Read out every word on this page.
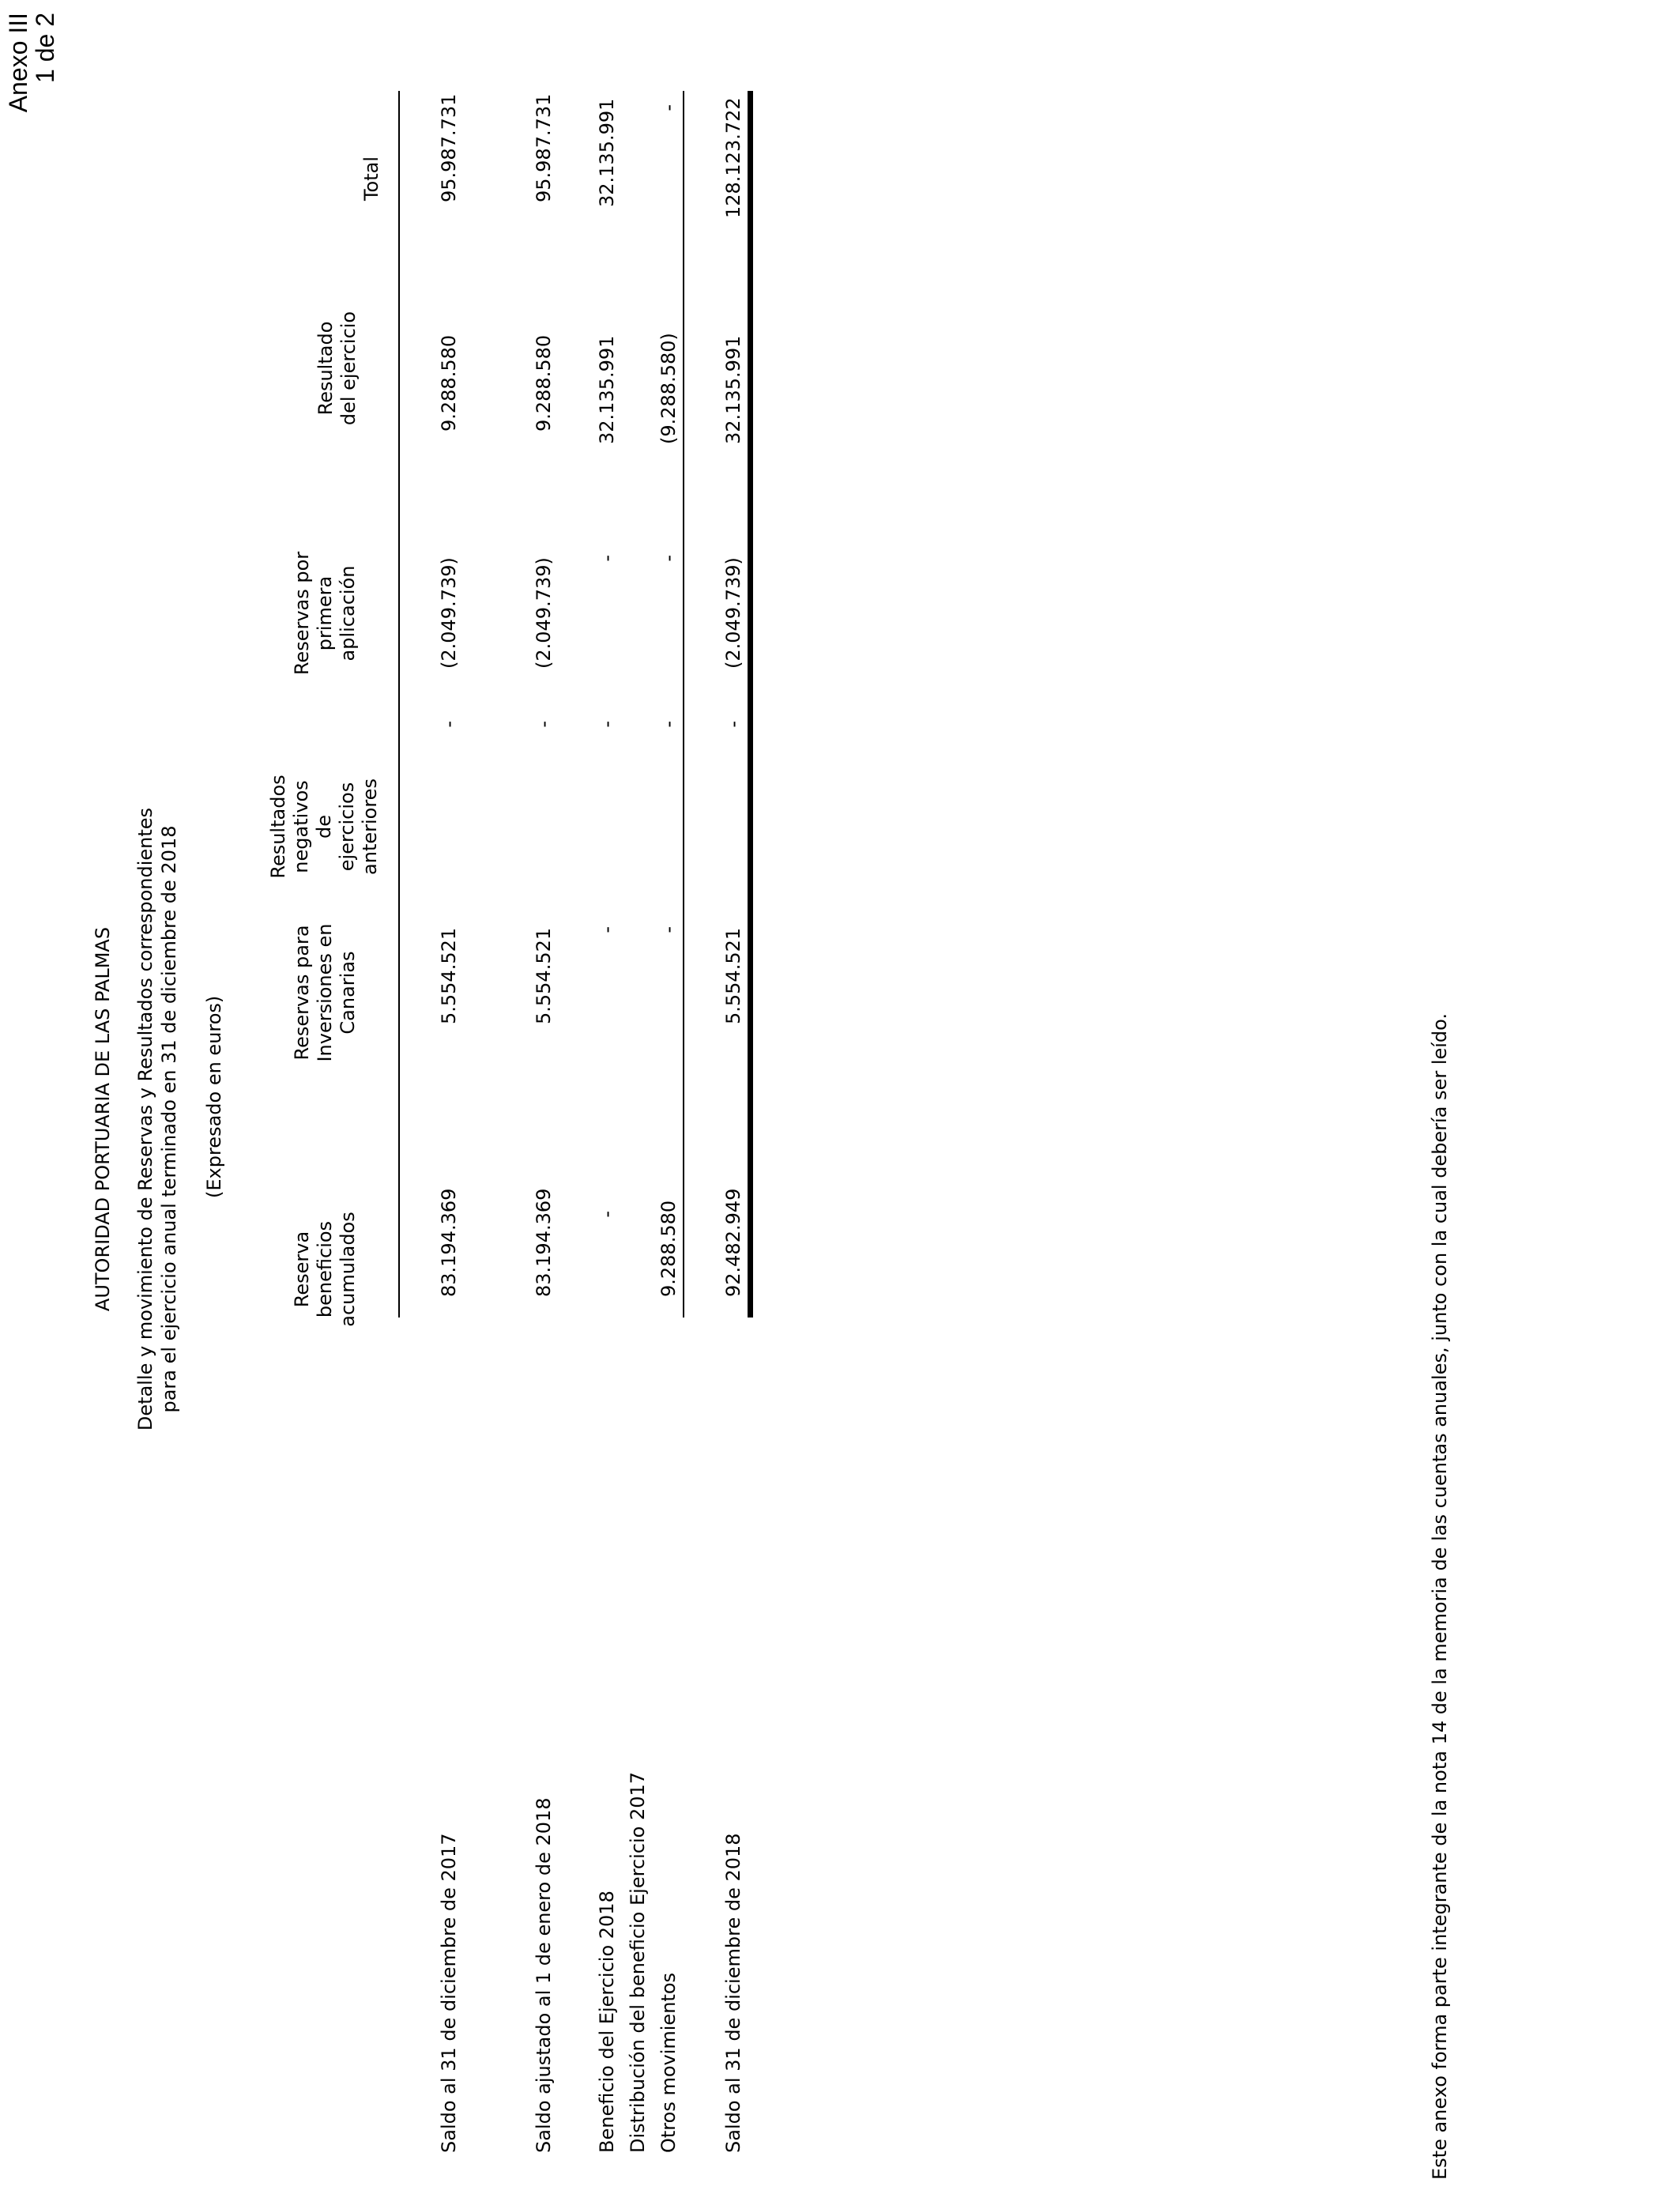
Anexo III
1 de 2
AUTORIDAD PORTUARIA DE LAS PALMAS Detalle y movimiento de Reservas y Resultados correspondientes para el ejercicio anual terminado en 31 de diciembre de 2018 (Expresado en euros)
Reserva beneficios acumulados
Reservas para Inversiones en Canarias
Resultados negativos de ejercicios anteriores
Reservas por primera aplicación
Resultado del ejercicio
Total
Saldo al 31 de diciembre de 2017
83.194.369
5.554.521
-
(2.049.739)
9.288.580
95.987.731
Saldo ajustado al 1 de enero de 2018
83.194.369
5.554.521
-
(2.049.739)
9.288.580
95.987.731
Beneficio del Ejercicio 2018
-
-
-
-
32.135.991
32.135.991
Distribución del beneficio Ejercicio 2017 Otros movimientos
9.288.580
-
-
-
(9.288.580)
-
Saldo al 31 de diciembre de 2018
92.482.949
5.554.521
-
(2.049.739)
32.135.991
128.123.722
Este anexo forma parte integrante de la nota 14 de la memoria de las cuentas anuales, junto con la cual debería ser leído.
